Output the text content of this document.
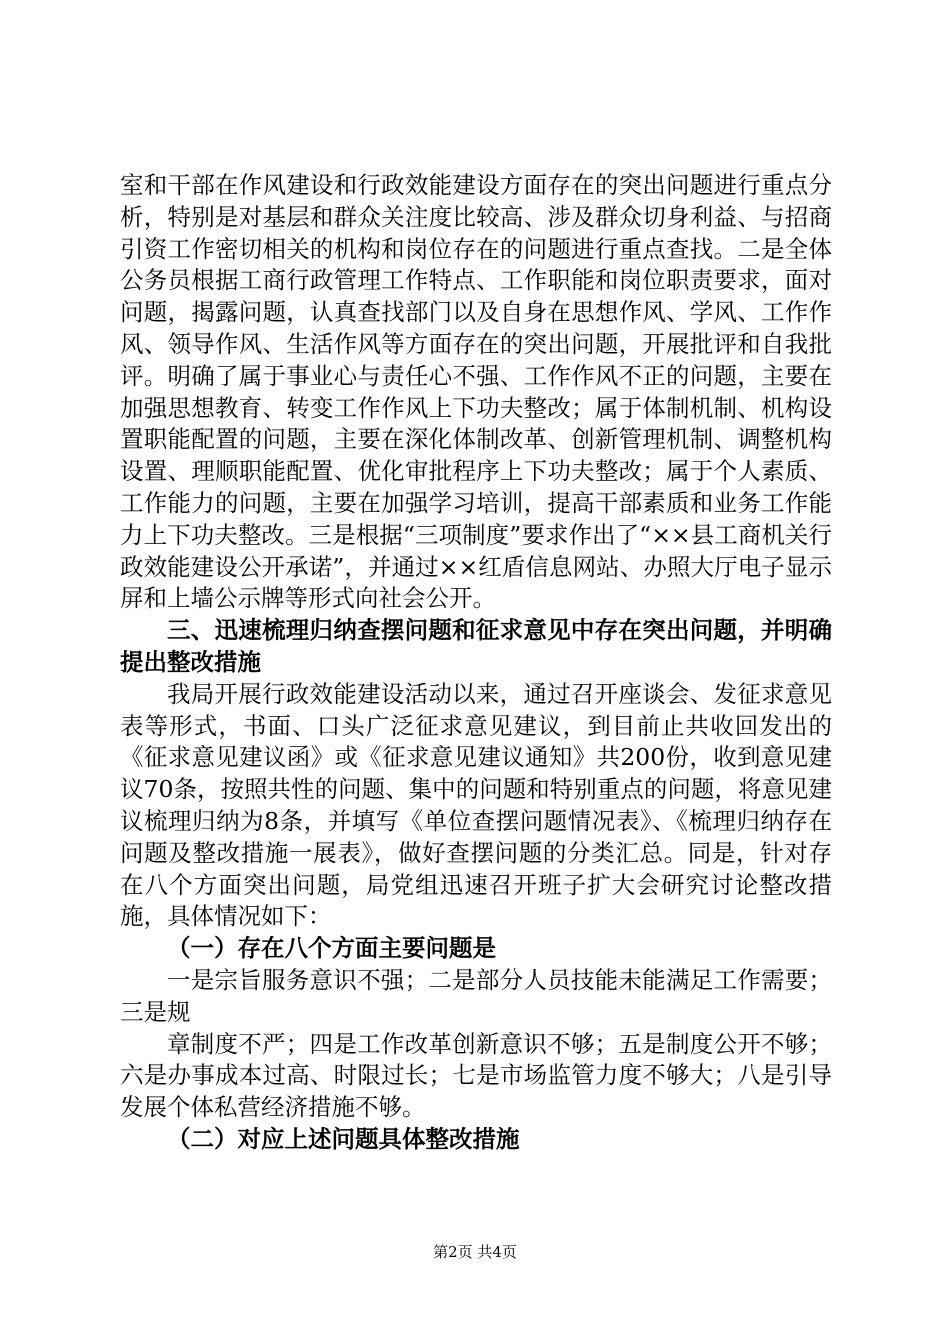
室和干部在作风建设和行政效能建设方面存在的突出问题进行重点分析，特别是对基层和群众关注度比较高、涉及群众切身利益、与招商引资工作密切相关的机构和岗位存在的问题进行重点查找。二是全体公务员根据工商行政管理工作特点、工作职能和岗位职责要求，面对问题，揭露问题，认真查找部门以及自身在思想作风、学风、工作作风、领导作风、生活作风等方面存在的突出问题，开展批评和自我批评。明确了属于事业心与责任心不强、工作作风不正的问题，主要在加强思想教育、转变工作作风上下功夫整改；属于体制机制、机构设置职能配置的问题，主要在深化体制改革、创新管理机制、调整机构设置、理顺职能配置、优化审批程序上下功夫整改；属于个人素质、工作能力的问题，主要在加强学习培训，提高干部素质和业务工作能力上下功夫整改。三是根据“三项制度”要求作出了“××县工商机关行政效能建设公开承诺”，并通过××红盾信息网站、办照大厅电子显示屏和上墙公示牌等形式向社会公开。

三、迅速梳理归纳查摆问题和征求意见中存在突出问题，并明确提出整改措施

我局开展行政效能建设活动以来，通过召开座谈会、发征求意见表等形式，书面、口头广泛征求意见建议，到目前止共收回发出的《征求意见建议函》或《征求意见建议通知》共200份，收到意见建议70条，按照共性的问题、集中的问题和特别重点的问题，将意见建议梳理归纳为8条，并填写《单位查摆问题情况表》、《梳理归纳存在问题及整改措施一展表》，做好查摆问题的分类汇总。同是，针对存在八个方面突出问题，局党组迅速召开班子扩大会研究讨论整改措施，具体情况如下：

（一）存在八个方面主要问题是

一是宗旨服务意识不强；二是部分人员技能未能满足工作需要；三是规

章制度不严；四是工作改革创新意识不够；五是制度公开不够；六是办事成本过高、时限过长；七是市场监管力度不够大；八是引导发展个体私营经济措施不够。

（二）对应上述问题具体整改措施

第2页 共4页
